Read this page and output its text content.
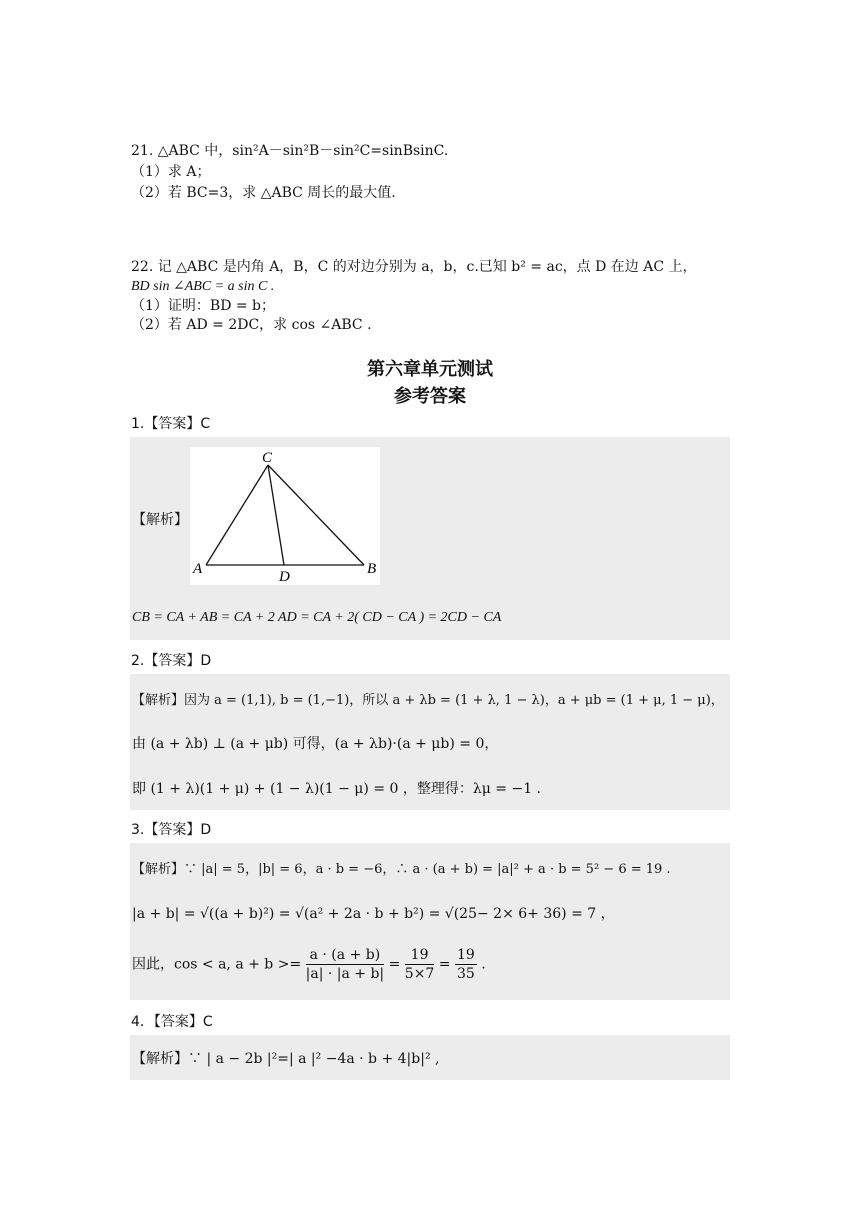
21. △ABC 中，sin²A－sin²B－sin²C=sinBsinC.
（1）求 A；
（2）若 BC=3，求 △ABC 周长的最大值.
22. 记 △ABC 是内角 A，B，C 的对边分别为 a，b，c.已知 b² = ac，点 D 在边 AC 上，
BD sin ∠ABC = a sin C .
（1）证明：BD = b；
（2）若 AD = 2DC，求 cos ∠ABC .
第六章单元测试
参考答案
1.【答案】C
【解析】
C
A	D	B
CB = CA + AB = CA + 2 AD = CA + 2( CD − CA ) = 2CD − CA
2.【答案】D
【解析】因为 a = (1,1), b = (1,−1)，所以 a + λb = (1 + λ, 1 − λ)，a + μb = (1 + μ, 1 − μ)，
由 (a + λb) ⊥ (a + μb) 可得，(a + λb)·(a + μb) = 0，
即 (1 + λ)(1 + μ) + (1 − λ)(1 − μ) = 0 ，整理得：λμ = −1 .
3.【答案】D
【解析】∵ |a| = 5，|b| = 6，a · b = −6，∴ a · (a + b) = |a|² + a · b = 5² − 6 = 19 .
|a + b| = √((a + b)²) = √(a² + 2a · b + b²) = √(25− 2× 6+ 36) = 7 ，
因此，cos < a, $a + b >= \frac{a \cdot (a + b)}{|a| \cdot |a + b|} = \frac{19}{5\times 7} = \frac{19}{35}$ .
4．【答案】C
【解析】∵ | a − 2b |²=| a |² −4a · b + 4|b|² ,
